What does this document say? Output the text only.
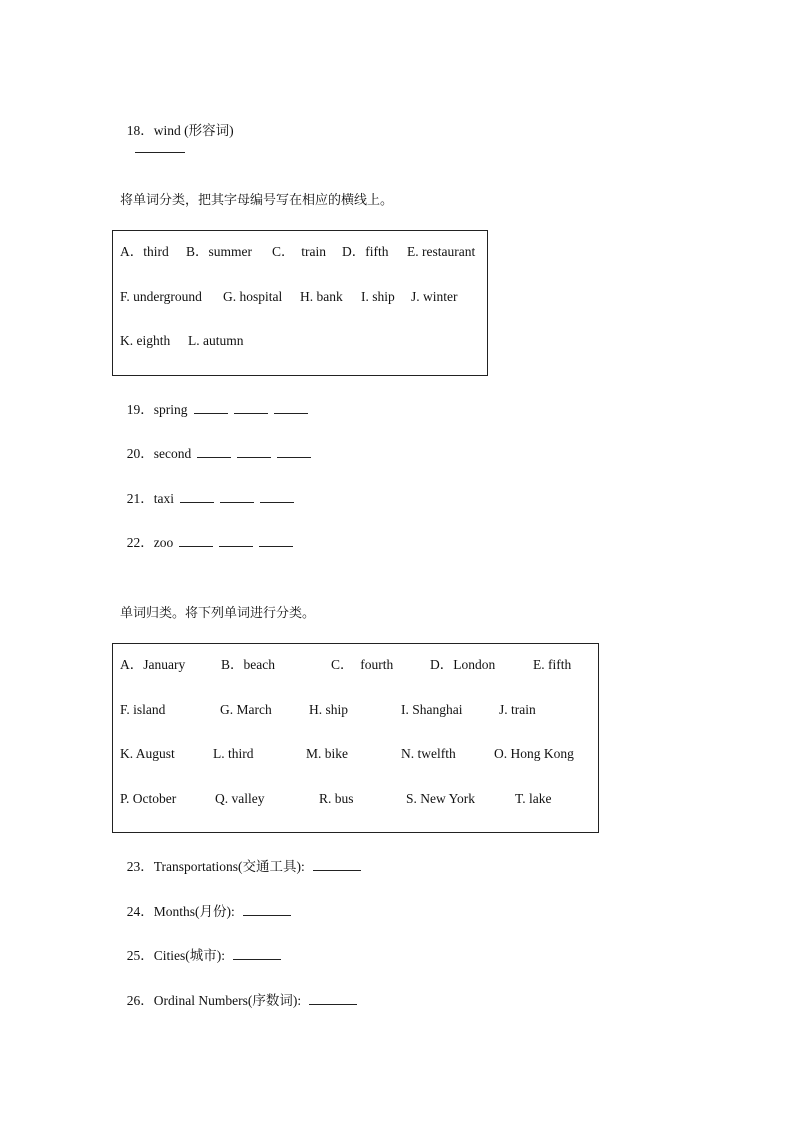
18．wind (形容词)

将单词分类，把其字母编号写在相应的横线上。
A．third B．summer C．  train D．fifth E. restaurant
F. underground G. hospital H. bank I. ship J. winter
K. eighth L. autumn

19．spring

20．second

21．taxi

22．zoo

单词归类。将下列单词进行分类。
A．January	B．beach	C．  fourth	D．London	E. fifth
F. island	G. March	H. ship	I. Shanghai	J. train
K. August	L. third	M. bike	N. twelfth	O. Hong Kong
P. October	Q. valley	R. bus	S. New York	T. lake

23．Transportations(交通工具):

24．Months(月份):

25．Cities(城市):

26．Ordinal Numbers(序数词):
